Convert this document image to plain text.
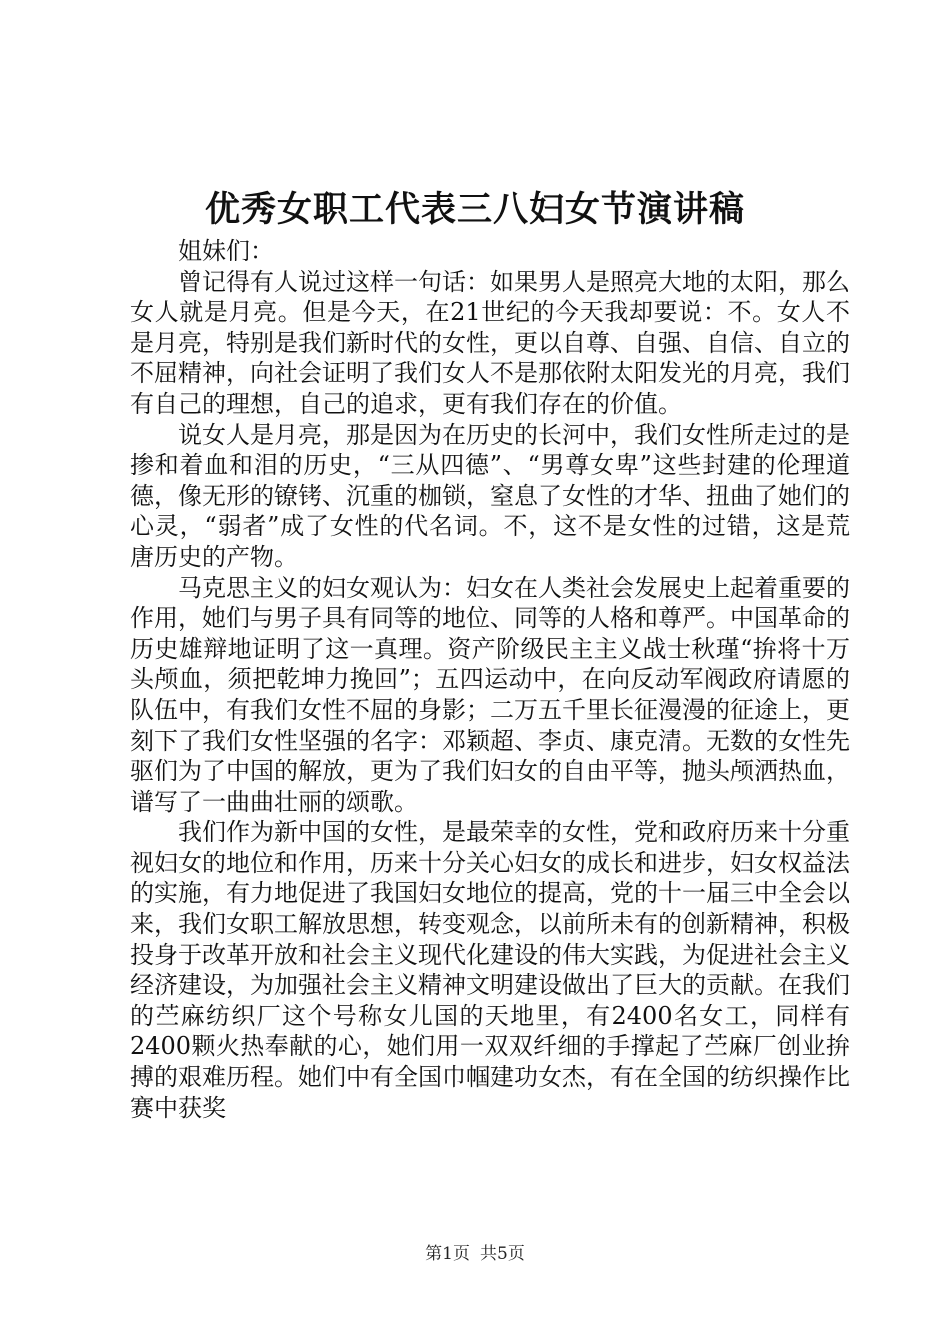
优秀女职工代表三八妇女节演讲稿

姐妹们：

曾记得有人说过这样一句话：如果男人是照亮大地的太阳，那么女人就是月亮。但是今天，在21世纪的今天我却要说：不。女人不是月亮，特别是我们新时代的女性，更以自尊、自强、自信、自立的不屈精神，向社会证明了我们女人不是那依附太阳发光的月亮，我们有自己的理想，自己的追求，更有我们存在的价值。

说女人是月亮，那是因为在历史的长河中，我们女性所走过的是掺和着血和泪的历史，“三从四德”、“男尊女卑”这些封建的伦理道德，像无形的镣铐、沉重的枷锁，窒息了女性的才华、扭曲了她们的心灵，“弱者”成了女性的代名词。不，这不是女性的过错，这是荒唐历史的产物。

马克思主义的妇女观认为：妇女在人类社会发展史上起着重要的作用，她们与男子具有同等的地位、同等的人格和尊严。中国革命的历史雄辩地证明了这一真理。资产阶级民主主义战士秋瑾“拚将十万头颅血，须把乾坤力挽回”；五四运动中，在向反动军阀政府请愿的队伍中，有我们女性不屈的身影；二万五千里长征漫漫的征途上，更刻下了我们女性坚强的名字：邓颖超、李贞、康克清。无数的女性先驱们为了中国的解放，更为了我们妇女的自由平等，抛头颅洒热血，谱写了一曲曲壮丽的颂歌。

我们作为新中国的女性，是最荣幸的女性，党和政府历来十分重视妇女的地位和作用，历来十分关心妇女的成长和进步，妇女权益法的实施，有力地促进了我国妇女地位的提高，党的十一届三中全会以来，我们女职工解放思想，转变观念，以前所未有的创新精神，积极投身于改革开放和社会主义现代化建设的伟大实践，为促进社会主义经济建设，为加强社会主义精神文明建设做出了巨大的贡献。在我们的苎麻纺织厂这个号称女儿国的天地里，有2400名女工，同样有2400颗火热奉献的心，她们用一双双纤细的手撑起了苎麻厂创业拚搏的艰难历程。她们中有全国巾帼建功女杰，有在全国的纺织操作比赛中获奖

第1页 共5页
